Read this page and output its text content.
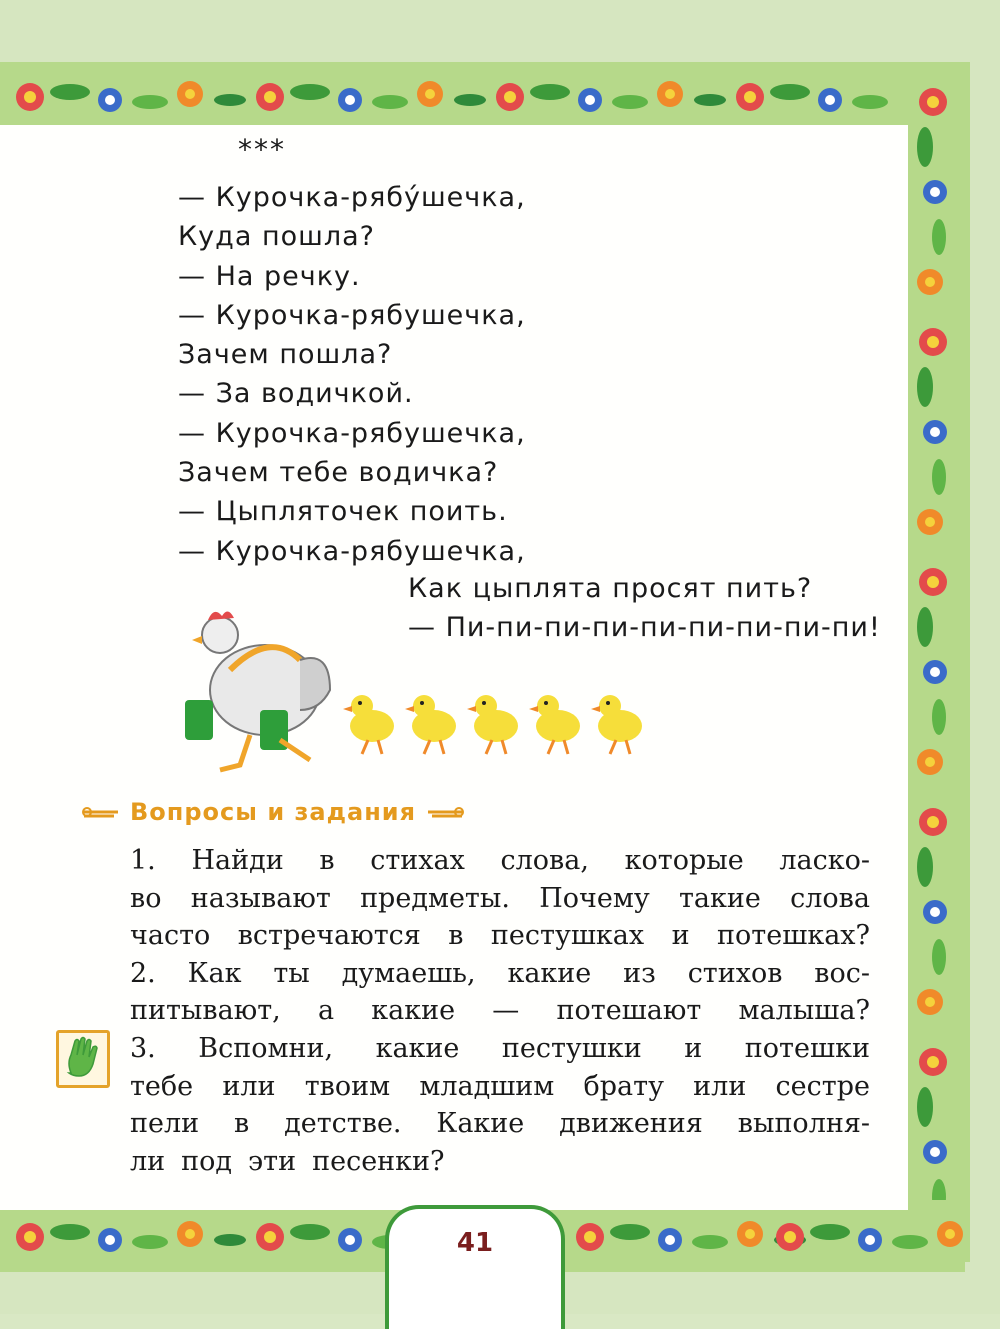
***
— Курочка-рябу́шечка,
Куда пошла?
— На речку.
— Курочка-рябушечка,
Зачем пошла?
— За водичкой.
— Курочка-рябушечка,
Зачем тебе водичка?
— Цыпляточек поить.
— Курочка-рябушечка,
Как цыплята просят пить?
— Пи-пи-пи-пи-пи-пи-пи-пи-пи!
Вопросы и задания
1. Найди в стихах слова, которые ласко-
во называют предметы. Почему такие слова
часто встречаются в пестушках и потешках?
2. Как ты думаешь, какие из стихов вос-
питывают, а какие — потешают малыша?
3. Вспомни, какие пестушки и потешки
тебе или твоим младшим брату или сестре
пели в детстве. Какие движения выполня-
ли под эти песенки?
41
